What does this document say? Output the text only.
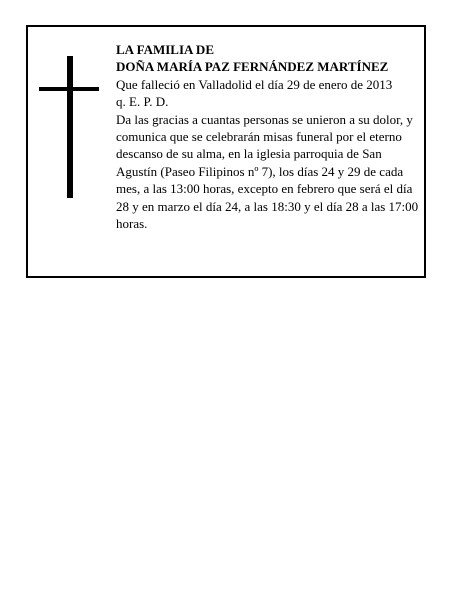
LA FAMILIA DE
DOÑA MARÍA PAZ FERNÁNDEZ MARTÍNEZ
Que falleció en Valladolid el día 29 de enero de 2013
q. E. P. D.
Da las gracias a cuantas personas se unieron a su dolor, y comunica que se celebrarán misas funeral por el eterno descanso de su alma, en la iglesia parroquia de San Agustín (Paseo Filipinos nº 7), los días 24 y 29 de cada mes, a las 13:00 horas, excepto en febrero que será el día 28 y en marzo el día 24, a las 18:30 y el día 28 a las 17:00 horas.
